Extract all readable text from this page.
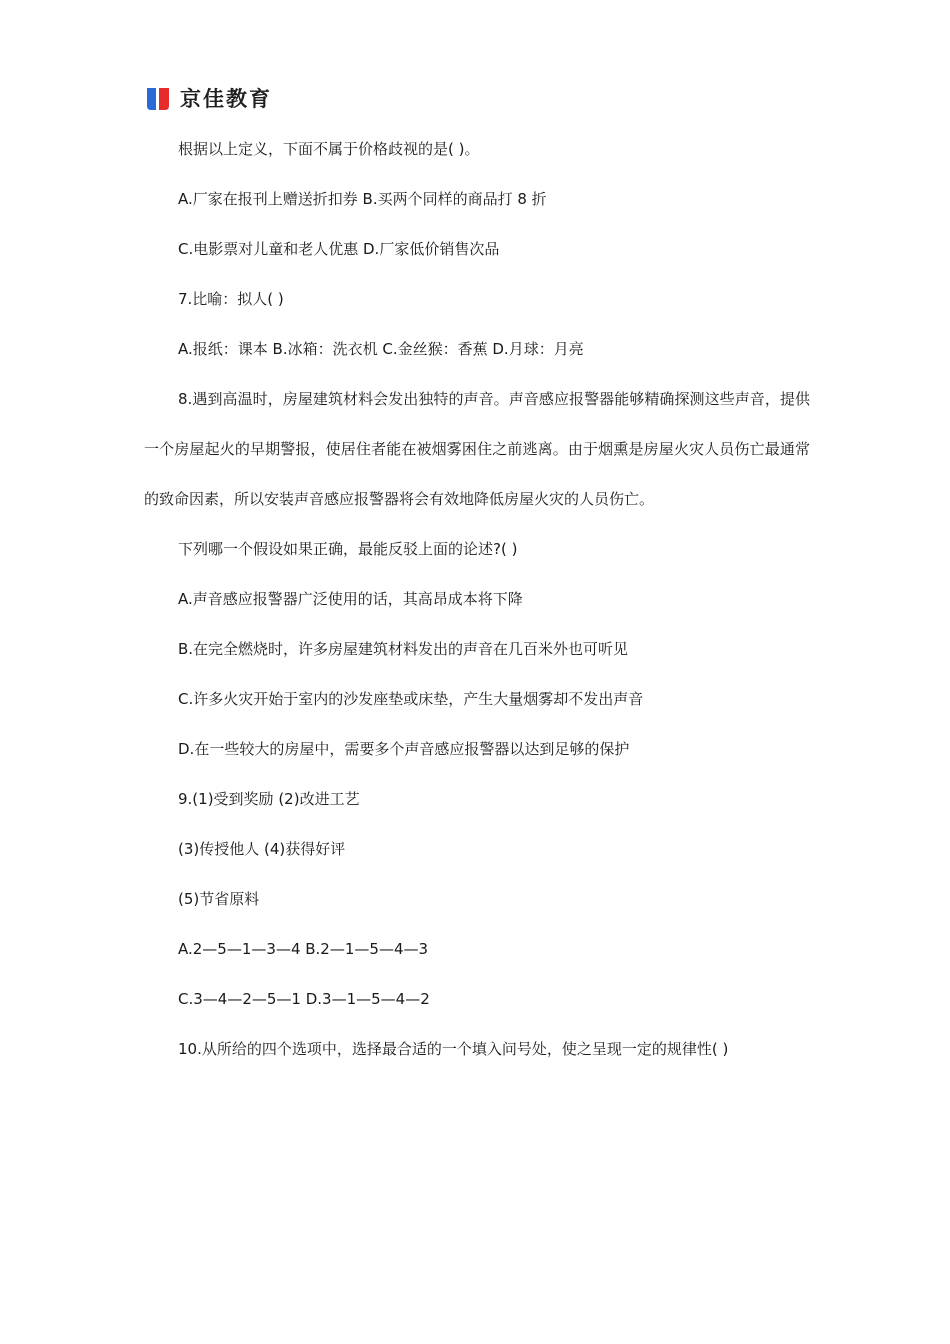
京佳教育
根据以上定义，下面不属于价格歧视的是( )。
A.厂家在报刊上赠送折扣券 B.买两个同样的商品打 8 折
C.电影票对儿童和老人优惠 D.厂家低价销售次品
7.比喻：拟人( )
A.报纸：课本 B.冰箱：洗衣机 C.金丝猴：香蕉 D.月球：月亮

8.遇到高温时，房屋建筑材料会发出独特的声音。声音感应报警器能够精确探测这些声音，提供一个房屋起火的早期警报，使居住者能在被烟雾困住之前逃离。由于烟熏是房屋火灾人员伤亡最通常的致命因素，所以安装声音感应报警器将会有效地降低房屋火灾的人员伤亡。

下列哪一个假设如果正确，最能反驳上面的论述?( )
A.声音感应报警器广泛使用的话，其高昂成本将下降
B.在完全燃烧时，许多房屋建筑材料发出的声音在几百米外也可听见
C.许多火灾开始于室内的沙发座垫或床垫，产生大量烟雾却不发出声音
D.在一些较大的房屋中，需要多个声音感应报警器以达到足够的保护
9.(1)受到奖励 (2)改进工艺
(3)传授他人 (4)获得好评
(5)节省原料
A.2—5—1—3—4 B.2—1—5—4—3
C.3—4—2—5—1 D.3—1—5—4—2
10.从所给的四个选项中，选择最合适的一个填入问号处，使之呈现一定的规律性( )
